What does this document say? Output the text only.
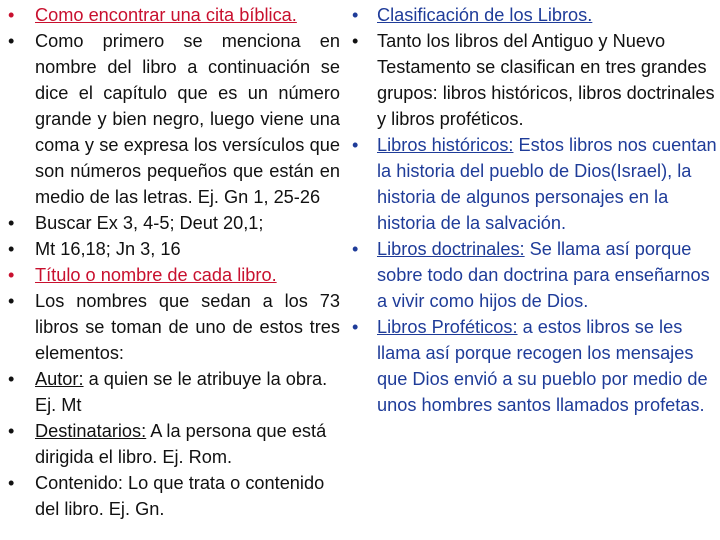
• Como encontrar una cita bíblica.
• Como primero se menciona en nombre del libro a continuación se dice el capítulo que es un número grande y bien negro, luego viene una coma y se expresa los versículos que son números pequeños que están en medio de las letras. Ej. Gn 1, 25-26
• Buscar Ex 3, 4-5; Deut 20,1;
• Mt 16,18; Jn 3, 16
• Título o nombre de cada libro.
• Los nombres que sedan a los 73 libros se toman de uno de estos tres elementos:
• Autor: a quien se le atribuye la obra. Ej. Mt
• Destinatarios: A la persona que está dirigida el libro. Ej. Rom.
• Contenido: Lo que trata o contenido del libro. Ej. Gn.
• Clasificación de los Libros.
• Tanto los libros del Antiguo y Nuevo Testamento se clasifican en tres grandes grupos: libros históricos, libros doctrinales y libros proféticos.
• Libros históricos: Estos libros nos cuentan la historia del pueblo de Dios(Israel), la historia de algunos personajes en la historia de la salvación.
• Libros doctrinales: Se llama así porque sobre todo dan doctrina para enseñarnos a vivir como hijos de Dios.
• Libros Proféticos: a estos libros se les llama así porque recogen los mensajes que Dios envió a su pueblo por medio de unos hombres santos llamados profetas.
